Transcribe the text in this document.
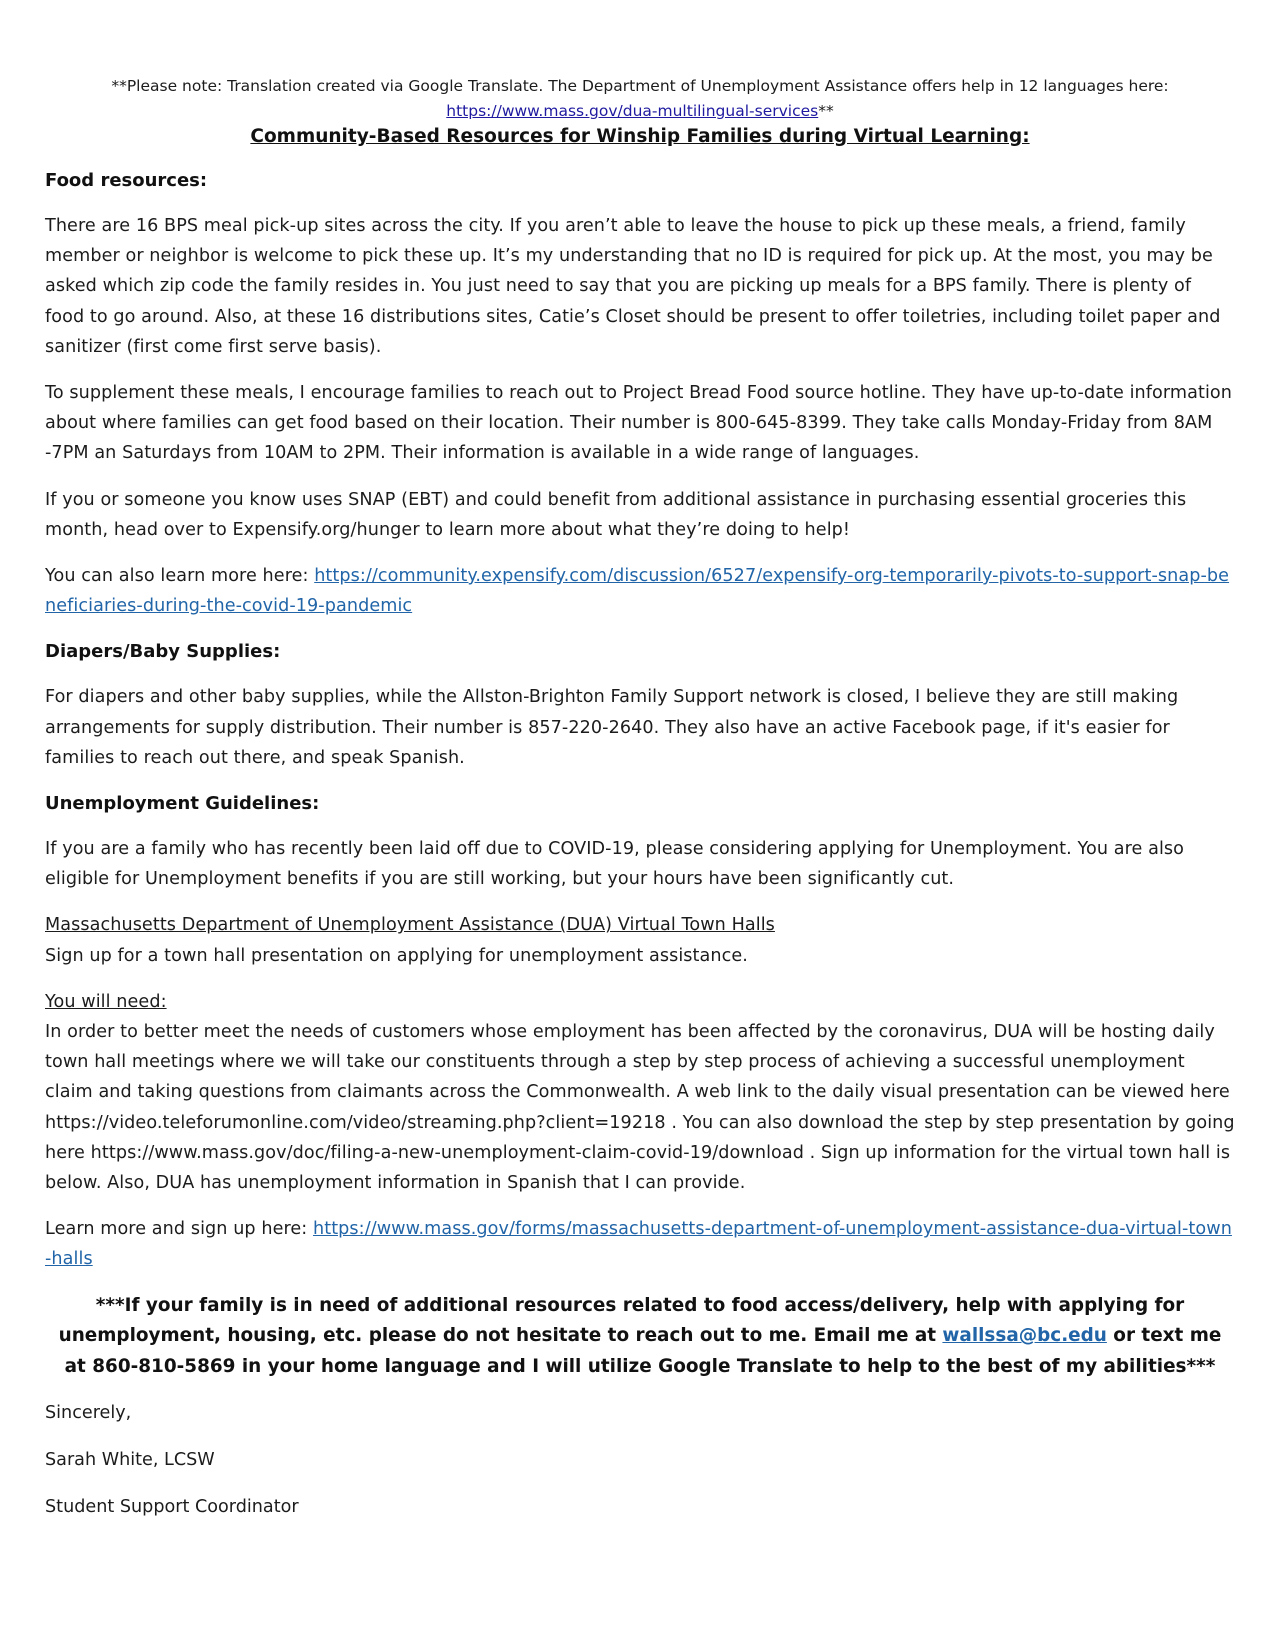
**Please note: Translation created via Google Translate. The Department of Unemployment Assistance offers help in 12 languages here:
https://www.mass.gov/dua-multilingual-services**

Community-Based Resources for Winship Families during Virtual Learning:

Food resources:

There are 16 BPS meal pick-up sites across the city. If you aren’t able to leave the house to pick up these meals, a friend, family member or neighbor is welcome to pick these up. It’s my understanding that no ID is required for pick up. At the most, you may be asked which zip code the family resides in. You just need to say that you are picking up meals for a BPS family. There is plenty of food to go around. Also, at these 16 distributions sites, Catie’s Closet should be present to offer toiletries, including toilet paper and sanitizer (first come first serve basis).

To supplement these meals, I encourage families to reach out to Project Bread Food source hotline. They have up-to-date information about where families can get food based on their location. Their number is 800-645-8399. They take calls Monday-Friday from 8AM -7PM an Saturdays from 10AM to 2PM. Their information is available in a wide range of languages.

If you or someone you know uses SNAP (EBT) and could benefit from additional assistance in purchasing essential groceries this month, head over to Expensify.org/hunger to learn more about what they’re doing to help!

You can also learn more here: https://community.expensify.com/discussion/6527/expensify-org-temporarily-pivots-to-support-snap-beneficiaries-during-the-covid-19-pandemic

Diapers/Baby Supplies:

For diapers and other baby supplies, while the Allston-Brighton Family Support network is closed, I believe they are still making arrangements for supply distribution. Their number is 857-220-2640. They also have an active Facebook page, if it's easier for families to reach out there, and speak Spanish.

Unemployment Guidelines:

If you are a family who has recently been laid off due to COVID-19, please considering applying for Unemployment. You are also eligible for Unemployment benefits if you are still working, but your hours have been significantly cut.

Massachusetts Department of Unemployment Assistance (DUA) Virtual Town Halls
Sign up for a town hall presentation on applying for unemployment assistance.

You will need:
In order to better meet the needs of customers whose employment has been affected by the coronavirus, DUA will be hosting daily town hall meetings where we will take our constituents through a step by step process of achieving a successful unemployment claim and taking questions from claimants across the Commonwealth. A web link to the daily visual presentation can be viewed here https://video.teleforumonline.com/video/streaming.php?client=19218 . You can also download the step by step presentation by going here https://www.mass.gov/doc/filing-a-new-unemployment-claim-covid-19/download . Sign up information for the virtual town hall is below. Also, DUA has unemployment information in Spanish that I can provide.

Learn more and sign up here: https://www.mass.gov/forms/massachusetts-department-of-unemployment-assistance-dua-virtual-town-halls

***If your family is in need of additional resources related to food access/delivery, help with applying for unemployment, housing, etc. please do not hesitate to reach out to me. Email me at wallssa@bc.edu or text me at 860-810-5869 in your home language and I will utilize Google Translate to help to the best of my abilities***

Sincerely,

Sarah White, LCSW

Student Support Coordinator
